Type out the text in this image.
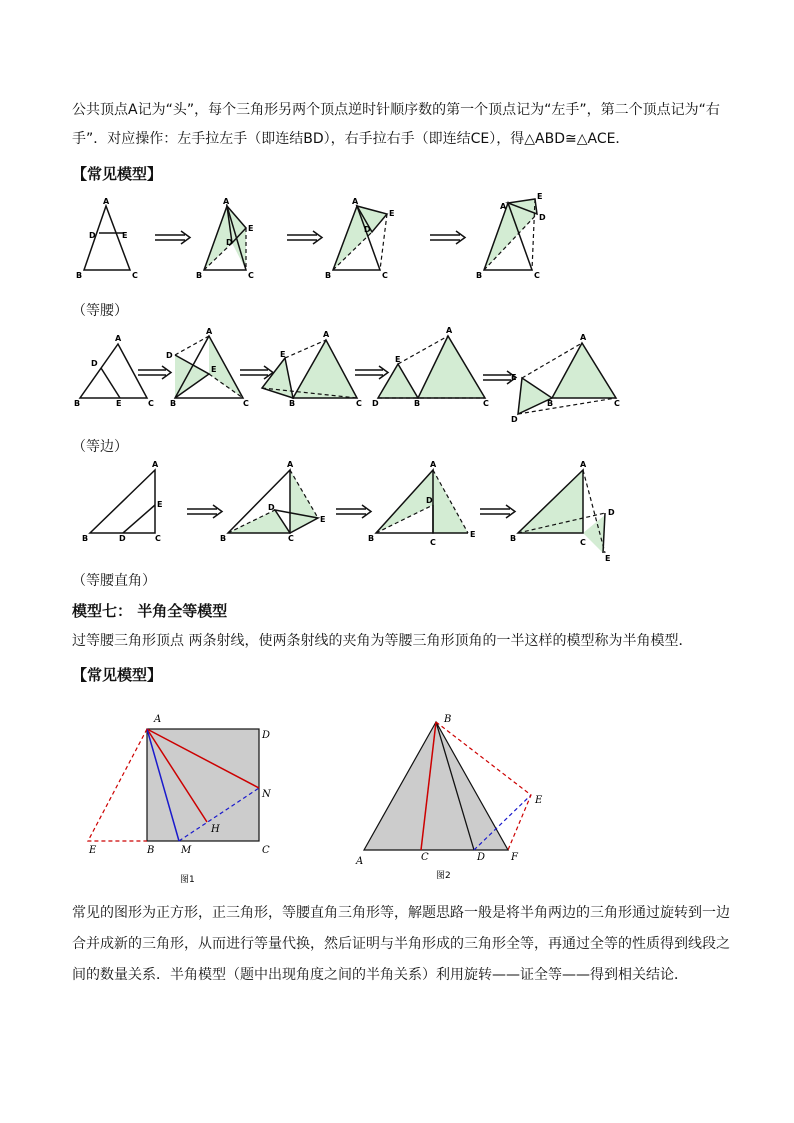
公共顶点A记为“头”，每个三角形另两个顶点逆时针顺序数的第一个顶点记为“左手”，第二个顶点记为“右手”．对应操作：左手拉左手（即连结BD），右手拉右手（即连结CE），得△ABD≅△ACE．
【常见模型】
A
D	E
B	C
A
E
D
B	C
A
E
D
B	C
A
E
D
B	C
（等腰）
A
D
B	E	C
A
D
E
B	C
E
A
B	C
E
A
D	B	C
A
E
D
B	C
（等边）
A
E
B	D	C
A
E
D
B	C
A
D
E
B	C
A
D
E
B	C
（等腰直角）
模型七： 半角全等模型
过等腰三角形顶点 两条射线，使两条射线的夹角为等腰三角形顶角的一半这样的模型称为半角模型．
【常见模型】
A
D
N
H
E	B	M	C
图1
B
E
A	C	D	F
图2
常见的图形为正方形，正三角形，等腰直角三角形等，解题思路一般是将半角两边的三角形通过旋转到一边合并成新的三角形，从而进行等量代换，然后证明与半角形成的三角形全等，再通过全等的性质得到线段之间的数量关系．半角模型（题中出现角度之间的半角关系）利用旋转——证全等——得到相关结论．
